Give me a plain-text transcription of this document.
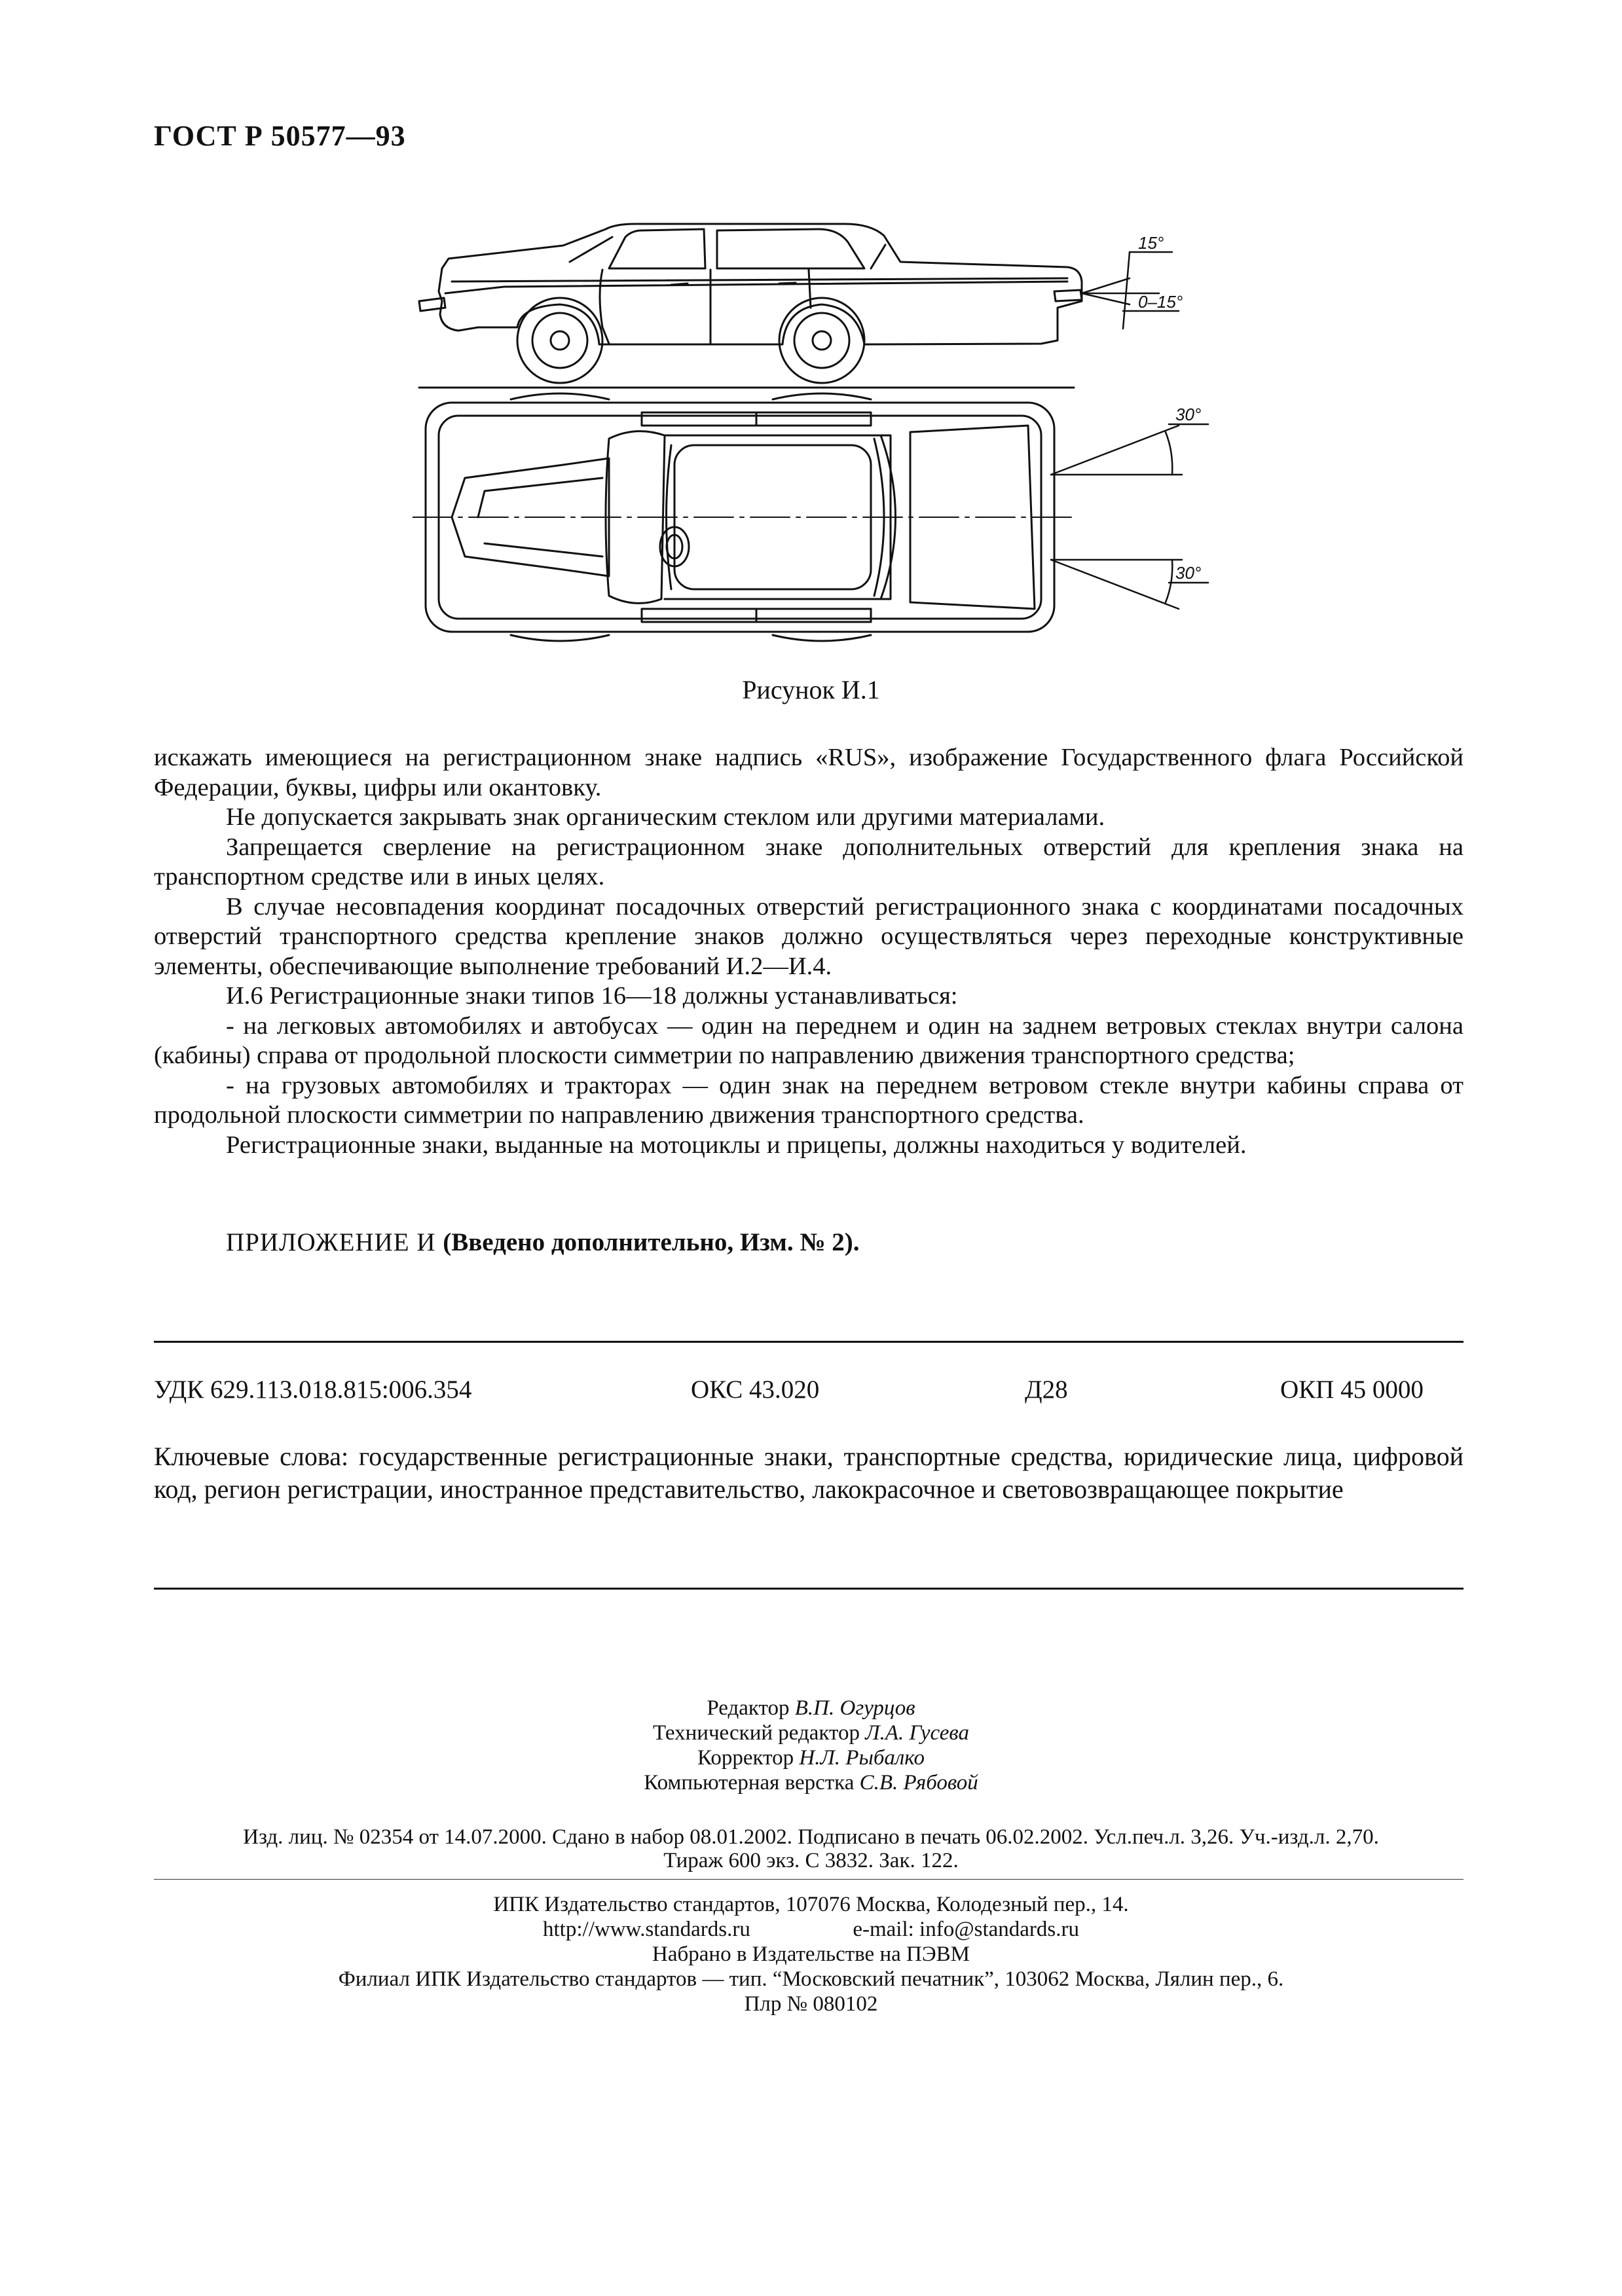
ГОСТ Р 50577—93
15°
0–15°
30°
30°
Рисунок И.1

искажать имеющиеся на регистрационном знаке надпись «RUS», изображение Государственного флага Российской Федерации, буквы, цифры или окантовку.

Не допускается закрывать знак органическим стеклом или другими материалами.

Запрещается сверление на регистрационном знаке дополнительных отверстий для крепления знака на транспортном средстве или в иных целях.

В случае несовпадения координат посадочных отверстий регистрационного знака с координатами посадочных отверстий транспортного средства крепление знаков должно осуществляться через переходные конструктивные элементы, обеспечивающие выполнение требований И.2—И.4.

И.6 Регистрационные знаки типов 16—18 должны устанавливаться:

- на легковых автомобилях и автобусах — один на переднем и один на заднем ветровых стеклах внутри салона (кабины) справа от продольной плоскости симметрии по направлению движения транспортного средства;

- на грузовых автомобилях и тракторах — один знак на переднем ветровом стекле внутри кабины справа от продольной плоскости симметрии по направлению движения транспортного средства.

Регистрационные знаки, выданные на мотоциклы и прицепы, должны находиться у водителей.

ПРИЛОЖЕНИЕ И (Введено дополнительно, Изм. № 2).
УДК 629.113.018.815:006.354	ОКС 43.020	Д28	ОКП 45 0000
Ключевые слова: государственные регистрационные знаки, транспортные средства, юридические лица, цифровой код, регион регистрации, иностранное представительство, лакокрасочное и световозвращающее покрытие
Редактор В.П. Огурцов
Технический редактор Л.А. Гусева
Корректор Н.Л. Рыбалко
Компьютерная верстка С.В. Рябовой
Изд. лиц. № 02354 от 14.07.2000. Сдано в набор 08.01.2002. Подписано в печать 06.02.2002. Усл.печ.л. 3,26. Уч.-изд.л. 2,70.
Тираж 600 экз. С 3832. Зак. 122.
ИПК Издательство стандартов, 107076 Москва, Колодезный пер., 14.
http://www.standards.ru	e-mail: info@standards.ru
Набрано в Издательстве на ПЭВМ
Филиал ИПК Издательство стандартов — тип. “Московский печатник”, 103062 Москва, Лялин пер., 6.
Плр № 080102
